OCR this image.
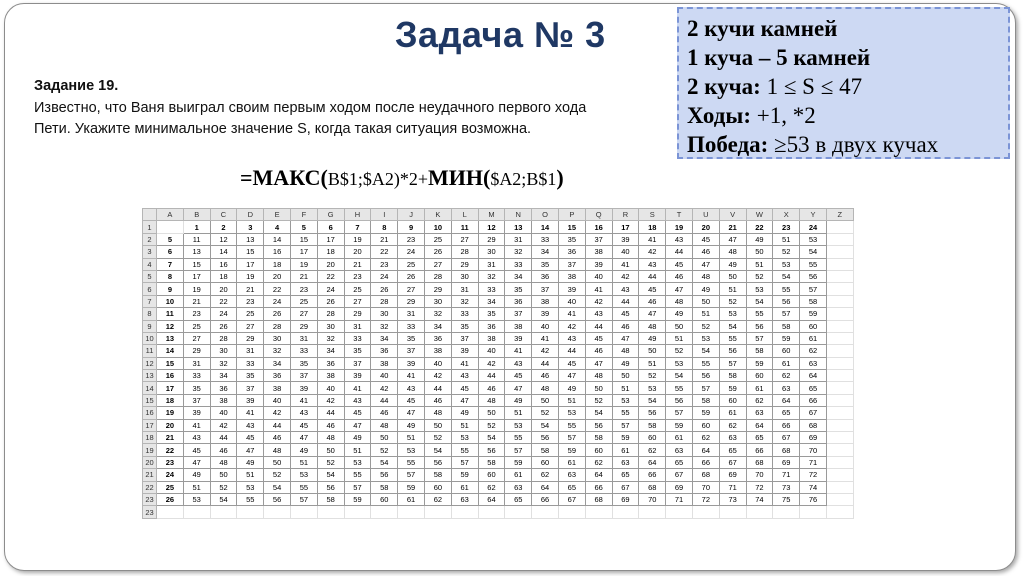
Задача № 3
Задание 19.
Известно, что Ваня выиграл своим первым ходом после неудачного первого хода
Пети. Укажите минимальное значение S, когда такая ситуация возможна.
=МАКС(B$1;$A2)*2+МИН($A2;B$1)
2 кучи камней
1 куча – 5 камней
2 куча: 1 ≤ S ≤ 47
Ходы: +1, *2
Победа: ≥53 в двух кучах
	A	B	C	D	E	F	G	H	I	J	K	L	M	N	O	P	Q	R	S	T	U	V	W	X	Y	Z
1		1	2	3	4	5	6	7	8	9	10	11	12	13	14	15	16	17	18	19	20	21	22	23	24	
2	5	11	12	13	14	15	17	19	21	23	25	27	29	31	33	35	37	39	41	43	45	47	49	51	53	
3	6	13	14	15	16	17	18	20	22	24	26	28	30	32	34	36	38	40	42	44	46	48	50	52	54	
4	7	15	16	17	18	19	20	21	23	25	27	29	31	33	35	37	39	41	43	45	47	49	51	53	55	
5	8	17	18	19	20	21	22	23	24	26	28	30	32	34	36	38	40	42	44	46	48	50	52	54	56	
6	9	19	20	21	22	23	24	25	26	27	29	31	33	35	37	39	41	43	45	47	49	51	53	55	57	
7	10	21	22	23	24	25	26	27	28	29	30	32	34	36	38	40	42	44	46	48	50	52	54	56	58	
8	11	23	24	25	26	27	28	29	30	31	32	33	35	37	39	41	43	45	47	49	51	53	55	57	59	
9	12	25	26	27	28	29	30	31	32	33	34	35	36	38	40	42	44	46	48	50	52	54	56	58	60	
10	13	27	28	29	30	31	32	33	34	35	36	37	38	39	41	43	45	47	49	51	53	55	57	59	61	
11	14	29	30	31	32	33	34	35	36	37	38	39	40	41	42	44	46	48	50	52	54	56	58	60	62	
12	15	31	32	33	34	35	36	37	38	39	40	41	42	43	44	45	47	49	51	53	55	57	59	61	63	
13	16	33	34	35	36	37	38	39	40	41	42	43	44	45	46	47	48	50	52	54	56	58	60	62	64	
14	17	35	36	37	38	39	40	41	42	43	44	45	46	47	48	49	50	51	53	55	57	59	61	63	65	
15	18	37	38	39	40	41	42	43	44	45	46	47	48	49	50	51	52	53	54	56	58	60	62	64	66	
16	19	39	40	41	42	43	44	45	46	47	48	49	50	51	52	53	54	55	56	57	59	61	63	65	67	
17	20	41	42	43	44	45	46	47	48	49	50	51	52	53	54	55	56	57	58	59	60	62	64	66	68	
18	21	43	44	45	46	47	48	49	50	51	52	53	54	55	56	57	58	59	60	61	62	63	65	67	69	
19	22	45	46	47	48	49	50	51	52	53	54	55	56	57	58	59	60	61	62	63	64	65	66	68	70	
20	23	47	48	49	50	51	52	53	54	55	56	57	58	59	60	61	62	63	64	65	66	67	68	69	71	
21	24	49	50	51	52	53	54	55	56	57	58	59	60	61	62	63	64	65	66	67	68	69	70	71	72	
22	25	51	52	53	54	55	56	57	58	59	60	61	62	63	64	65	66	67	68	69	70	71	72	73	74	
23	26	53	54	55	56	57	58	59	60	61	62	63	64	65	66	67	68	69	70	71	72	73	74	75	76	
23																										
